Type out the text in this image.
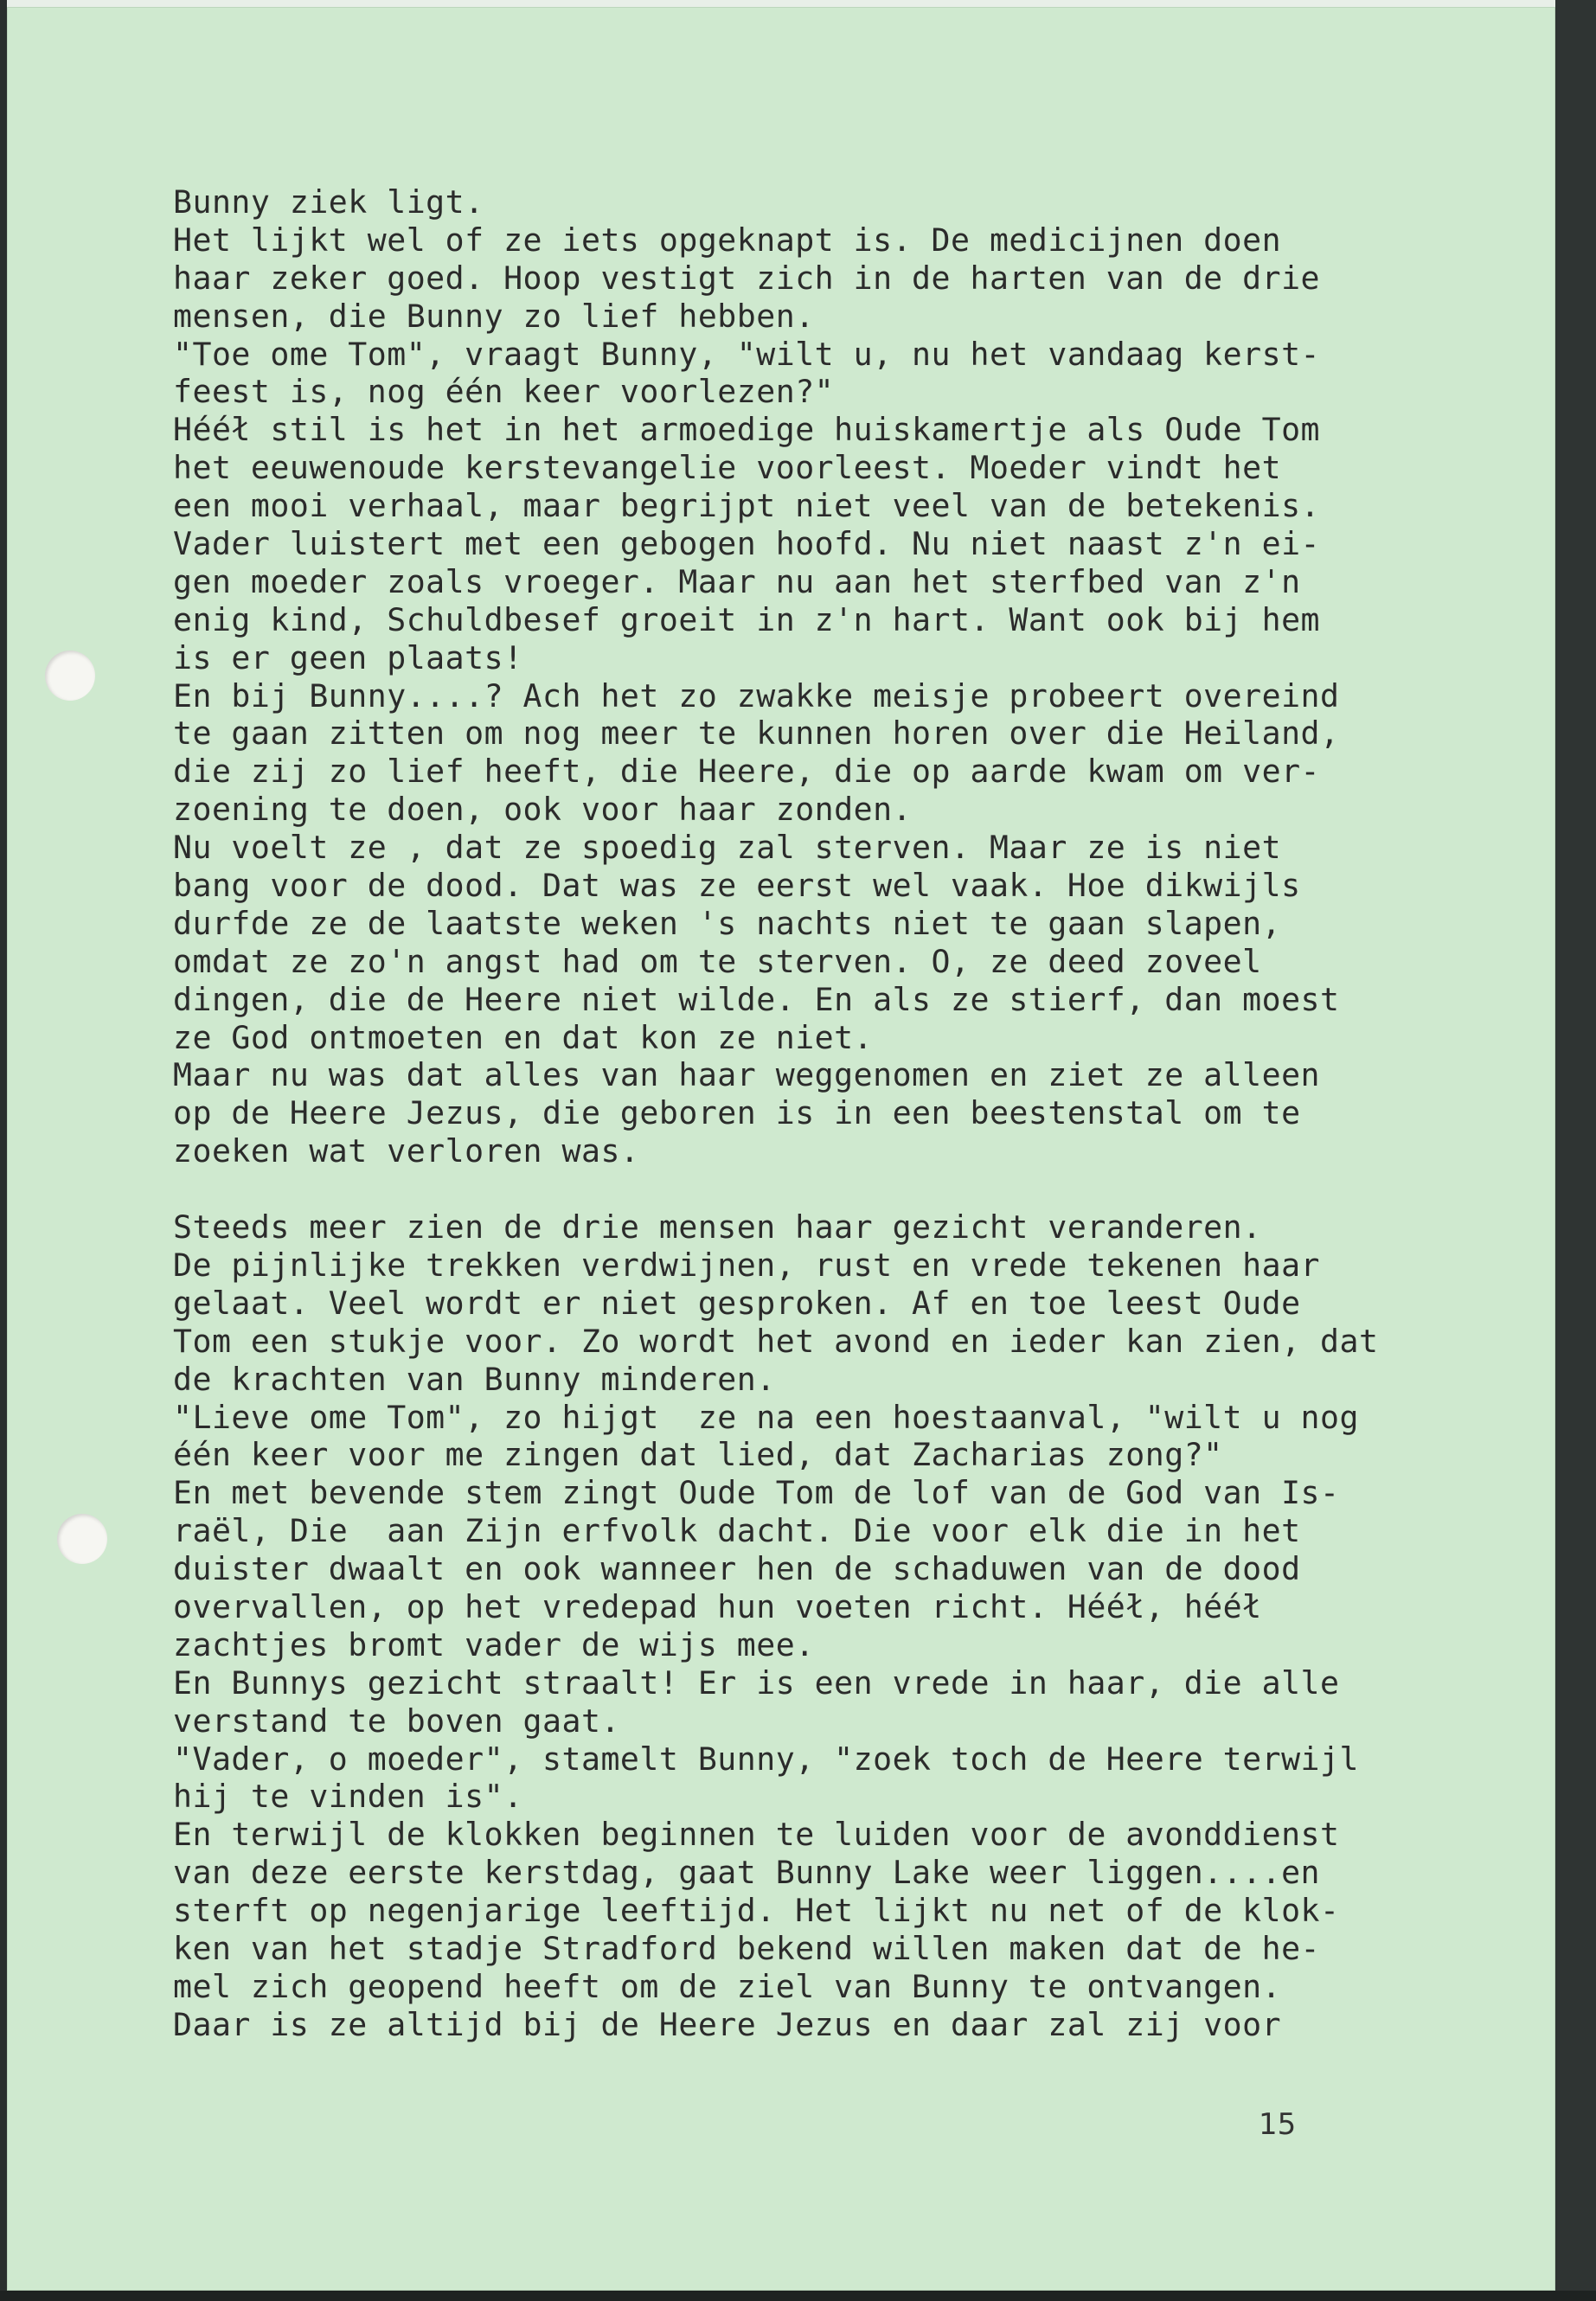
Bunny ziek ligt.
Het lijkt wel of ze iets opgeknapt is. De medicijnen doen
haar zeker goed. Hoop vestigt zich in de harten van de drie
mensen, die Bunny zo lief hebben.
"Toe ome Tom", vraagt Bunny, "wilt u, nu het vandaag kerst-
feest is, nog één keer voorlezen?"
Hééł stil is het in het armoedige huiskamertje als Oude Tom
het eeuwenoude kerstevangelie voorleest. Moeder vindt het
een mooi verhaal, maar begrijpt niet veel van de betekenis.
Vader luistert met een gebogen hoofd. Nu niet naast z'n ei-
gen moeder zoals vroeger. Maar nu aan het sterfbed van z'n
enig kind, Schuldbesef groeit in z'n hart. Want ook bij hem
is er geen plaats!
En bij Bunny....? Ach het zo zwakke meisje probeert overeind
te gaan zitten om nog meer te kunnen horen over die Heiland,
die zij zo lief heeft, die Heere, die op aarde kwam om ver-
zoening te doen, ook voor haar zonden.
Nu voelt ze , dat ze spoedig zal sterven. Maar ze is niet
bang voor de dood. Dat was ze eerst wel vaak. Hoe dikwijls
durfde ze de laatste weken 's nachts niet te gaan slapen,
omdat ze zo'n angst had om te sterven. O, ze deed zoveel
dingen, die de Heere niet wilde. En als ze stierf, dan moest
ze God ontmoeten en dat kon ze niet.
Maar nu was dat alles van haar weggenomen en ziet ze alleen
op de Heere Jezus, die geboren is in een beestenstal om te
zoeken wat verloren was.
Steeds meer zien de drie mensen haar gezicht veranderen.
De pijnlijke trekken verdwijnen, rust en vrede tekenen haar
gelaat. Veel wordt er niet gesproken. Af en toe leest Oude
Tom een stukje voor. Zo wordt het avond en ieder kan zien, dat
de krachten van Bunny minderen.
"Lieve ome Tom", zo hijgt  ze na een hoestaanval, "wilt u nog
één keer voor me zingen dat lied, dat Zacharias zong?"
En met bevende stem zingt Oude Tom de lof van de God van Is-
raël, Die  aan Zijn erfvolk dacht. Die voor elk die in het
duister dwaalt en ook wanneer hen de schaduwen van de dood
overvallen, op het vredepad hun voeten richt. Hééł, hééł
zachtjes bromt vader de wijs mee.
En Bunnys gezicht straalt! Er is een vrede in haar, die alle
verstand te boven gaat.
"Vader, o moeder", stamelt Bunny, "zoek toch de Heere terwijl
hij te vinden is".
En terwijl de klokken beginnen te luiden voor de avonddienst
van deze eerste kerstdag, gaat Bunny Lake weer liggen....en
sterft op negenjarige leeftijd. Het lijkt nu net of de klok-
ken van het stadje Stradford bekend willen maken dat de he-
mel zich geopend heeft om de ziel van Bunny te ontvangen.
Daar is ze altijd bij de Heere Jezus en daar zal zij voor
15
